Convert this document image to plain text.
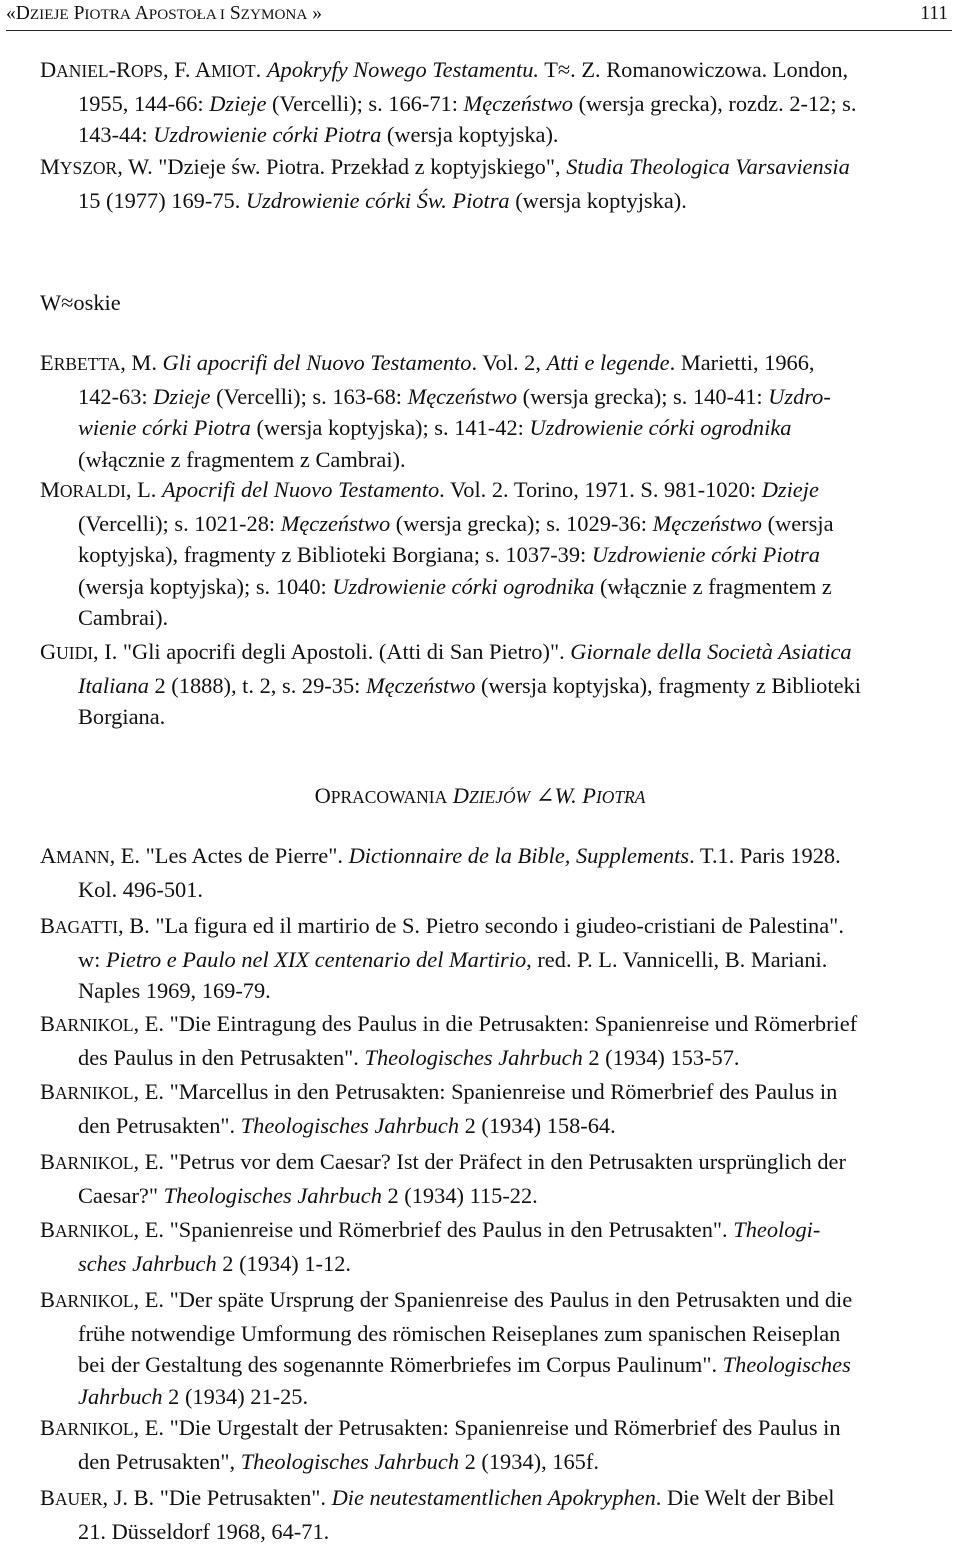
«DZIEJE PIOTRA APOSTOŁA I SZYMONA »	111
DANIEL-ROPS, F. AMIOT. Apokryfy Nowego Testamentu. T≈. Z. Romanowiczowa. London,
1955, 144-66: Dzieje (Vercelli); s. 166-71: Męczeństwo (wersja grecka), rozdz. 2-12; s.
143-44: Uzdrowienie córki Piotra (wersja koptyjska).
MYSZOR, W. "Dzieje św. Piotra. Przekład z koptyjskiego", Studia Theologica Varsaviensia
15 (1977) 169-75. Uzdrowienie córki Św. Piotra (wersja koptyjska).
W≈oskie
ERBETTA, M. Gli apocrifi del Nuovo Testamento. Vol. 2, Atti e legende. Marietti, 1966,
142-63: Dzieje (Vercelli); s. 163-68: Męczeństwo (wersja grecka); s. 140-41: Uzdro-
wienie córki Piotra (wersja koptyjska); s. 141-42: Uzdrowienie córki ogrodnika
(włącznie z fragmentem z Cambrai).
MORALDI, L. Apocrifi del Nuovo Testamento. Vol. 2. Torino, 1971. S. 981-1020: Dzieje
(Vercelli); s. 1021-28: Męczeństwo (wersja grecka); s. 1029-36: Męczeństwo (wersja
koptyjska), fragmenty z Biblioteki Borgiana; s. 1037-39: Uzdrowienie córki Piotra
(wersja koptyjska); s. 1040: Uzdrowienie córki ogrodnika (włącznie z fragmentem z
Cambrai).
GUIDI, I. "Gli apocrifi degli Apostoli. (Atti di San Pietro)". Giornale della Società Asiatica
Italiana 2 (1888), t. 2, s. 29-35: Męczeństwo (wersja koptyjska), fragmenty z Biblioteki
Borgiana.
OPRACOWANIA DZIEJÓW ∠W. PIOTRA
AMANN, E. "Les Actes de Pierre". Dictionnaire de la Bible, Supplements. T.1. Paris 1928.
Kol. 496-501.
BAGATTI, B. "La figura ed il martirio de S. Pietro secondo i giudeo-cristiani de Palestina".
w: Pietro e Paulo nel XIX centenario del Martirio, red. P. L. Vannicelli, B. Mariani.
Naples 1969, 169-79.
BARNIKOL, E. "Die Eintragung des Paulus in die Petrusakten: Spanienreise und Römerbrief
des Paulus in den Petrusakten". Theologisches Jahrbuch 2 (1934) 153-57.
BARNIKOL, E. "Marcellus in den Petrusakten: Spanienreise und Römerbrief des Paulus in
den Petrusakten". Theologisches Jahrbuch 2 (1934) 158-64.
BARNIKOL, E. "Petrus vor dem Caesar? Ist der Präfect in den Petrusakten ursprünglich der
Caesar?" Theologisches Jahrbuch 2 (1934) 115-22.
BARNIKOL, E. "Spanienreise und Römerbrief des Paulus in den Petrusakten". Theologi-
sches Jahrbuch 2 (1934) 1-12.
BARNIKOL, E. "Der späte Ursprung der Spanienreise des Paulus in den Petrusakten und die
frühe notwendige Umformung des römischen Reiseplanes zum spanischen Reiseplan
bei der Gestaltung des sogenannte Römerbriefes im Corpus Paulinum". Theologisches
Jahrbuch 2 (1934) 21-25.
BARNIKOL, E. "Die Urgestalt der Petrusakten: Spanienreise und Römerbrief des Paulus in
den Petrusakten", Theologisches Jahrbuch 2 (1934), 165f.
BAUER, J. B. "Die Petrusakten". Die neutestamentlichen Apokryphen. Die Welt der Bibel
21. Düsseldorf 1968, 64-71.
